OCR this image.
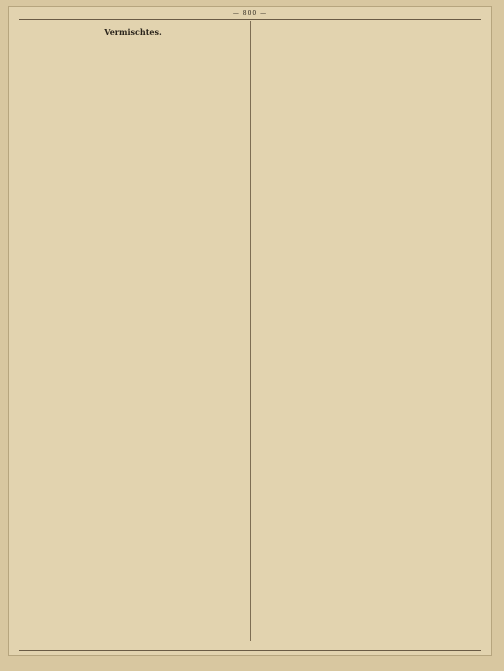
— 800 —
Vermischtes.
